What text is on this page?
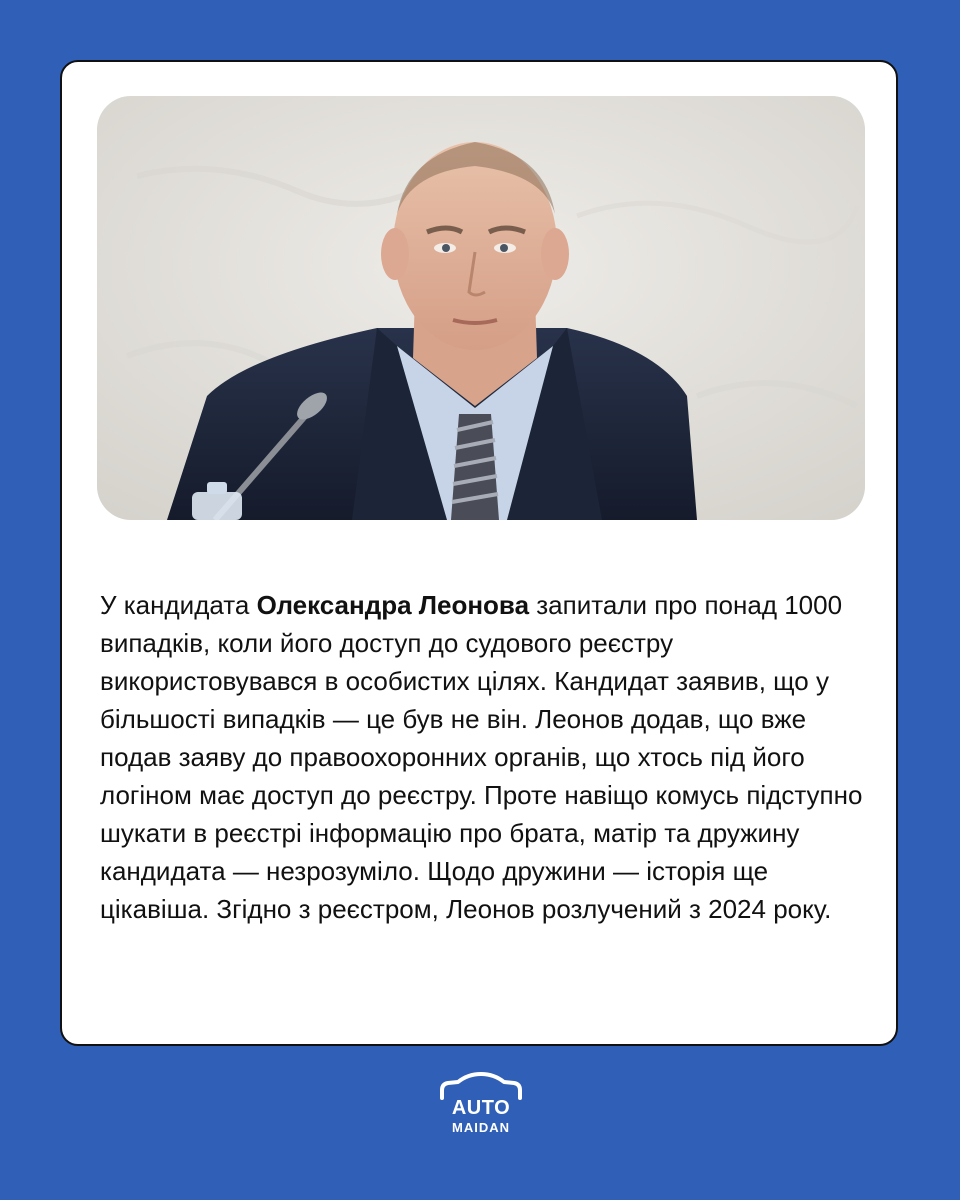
У кандидата Олександра Леонова запитали про понад 1000 випадків, коли його доступ до судового реєстру використовувався в особистих цілях. Кандидат заявив, що у більшості випадків — це був не він. Леонов додав, що вже подав заяву до правоохоронних органів, що хтось під його логіном має доступ до реєстру. Проте навіщо комусь підступно шукати в реєстрі інформацію про брата, матір та дружину кандидата — незрозуміло. Щодо дружини — історія ще цікавіша. Згідно з реєстром, Леонов розлучений з 2024 року.

AUTO
MAIDAN
